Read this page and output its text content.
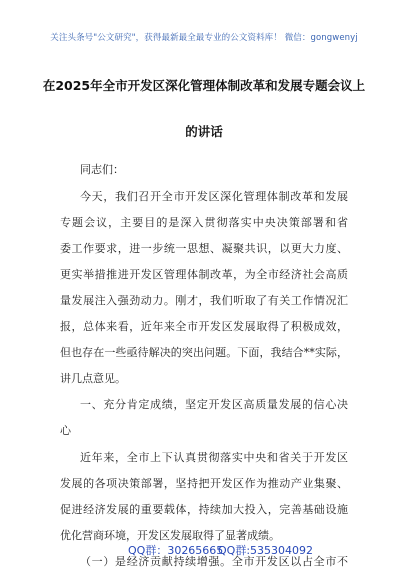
关注头条号"公文研究"，获得最新最全最专业的公文资料库！ 微信：gongwenyj
在2025年全市开发区深化管理体制改革和发展专题会议上
的讲话
同志们：
今天，我们召开全市开发区深化管理体制改革和发展
专题会议，主要目的是深入贯彻落实中央决策部署和省
委工作要求，进一步统一思想、凝聚共识，以更大力度、
更实举措推进开发区管理体制改革，为全市经济社会高质
量发展注入强劲动力。刚才，我们听取了有关工作情况汇
报，总体来看，近年来全市开发区发展取得了积极成效，
但也存在一些亟待解决的突出问题。下面，我结合**实际，
讲几点意见。
一、充分肯定成绩，坚定开发区高质量发展的信心决
心
近年来，全市上下认真贯彻落实中央和省关于开发区
发展的各项决策部署，坚持把开发区作为推动产业集聚、
促进经济发展的重要载体，持续加大投入，完善基础设施
优化营商环境，开发区发展取得了显著成绩。
（一）是经济贡献持续增强。全市开发区以占全市不
QQ群：30265665
QQ群:535304092
